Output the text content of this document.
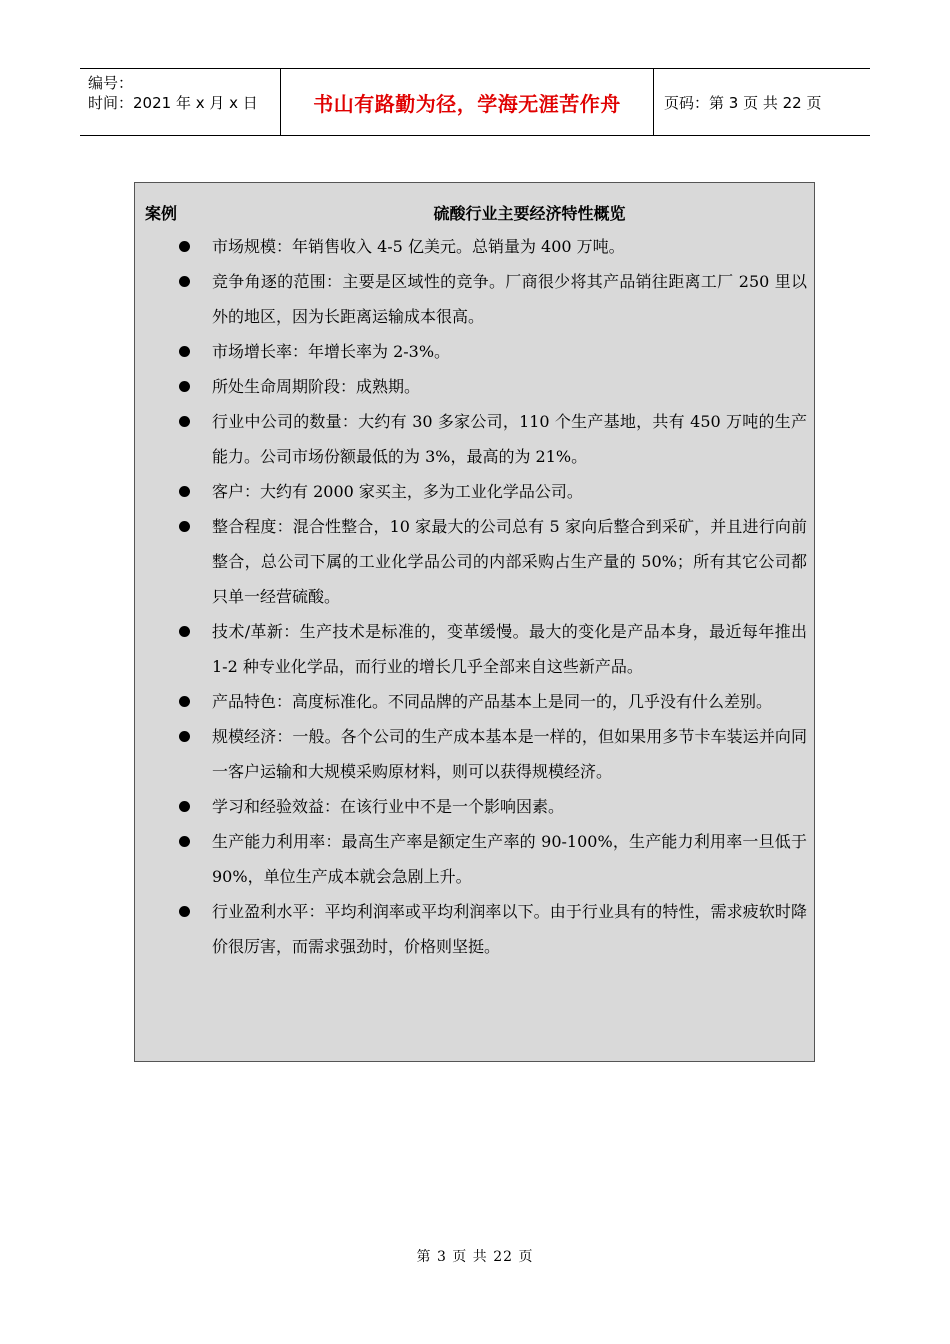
编号：
时间：2021 年 x 月 x 日	书山有路勤为径，学海无涯苦作舟	页码：第 3 页 共 22 页
案例	硫酸行业主要经济特性概览
市场规模：年销售收入 4-5 亿美元。总销量为 400 万吨。
竞争角逐的范围：主要是区域性的竞争。厂商很少将其产品销往距离工厂 250 里以外的地区，因为长距离运输成本很高。
市场增长率：年增长率为 2-3%。
所处生命周期阶段：成熟期。
行业中公司的数量：大约有 30 多家公司，110 个生产基地，共有 450 万吨的生产能力。公司市场份额最低的为 3%，最高的为 21%。
客户：大约有 2000 家买主，多为工业化学品公司。
整合程度：混合性整合，10 家最大的公司总有 5 家向后整合到采矿，并且进行向前整合，总公司下属的工业化学品公司的内部采购占生产量的 50%；所有其它公司都只单一经营硫酸。
技术/革新：生产技术是标准的，变革缓慢。最大的变化是产品本身，最近每年推出 1-2 种专业化学品，而行业的增长几乎全部来自这些新产品。
产品特色：高度标准化。不同品牌的产品基本上是同一的，几乎没有什么差别。
规模经济：一般。各个公司的生产成本基本是一样的，但如果用多节卡车装运并向同一客户运输和大规模采购原材料，则可以获得规模经济。
学习和经验效益：在该行业中不是一个影响因素。
生产能力利用率：最高生产率是额定生产率的 90-100%，生产能力利用率一旦低于 90%，单位生产成本就会急剧上升。
行业盈利水平：平均利润率或平均利润率以下。由于行业具有的特性，需求疲软时降价很厉害，而需求强劲时，价格则坚挺。
第 3 页 共 22 页
